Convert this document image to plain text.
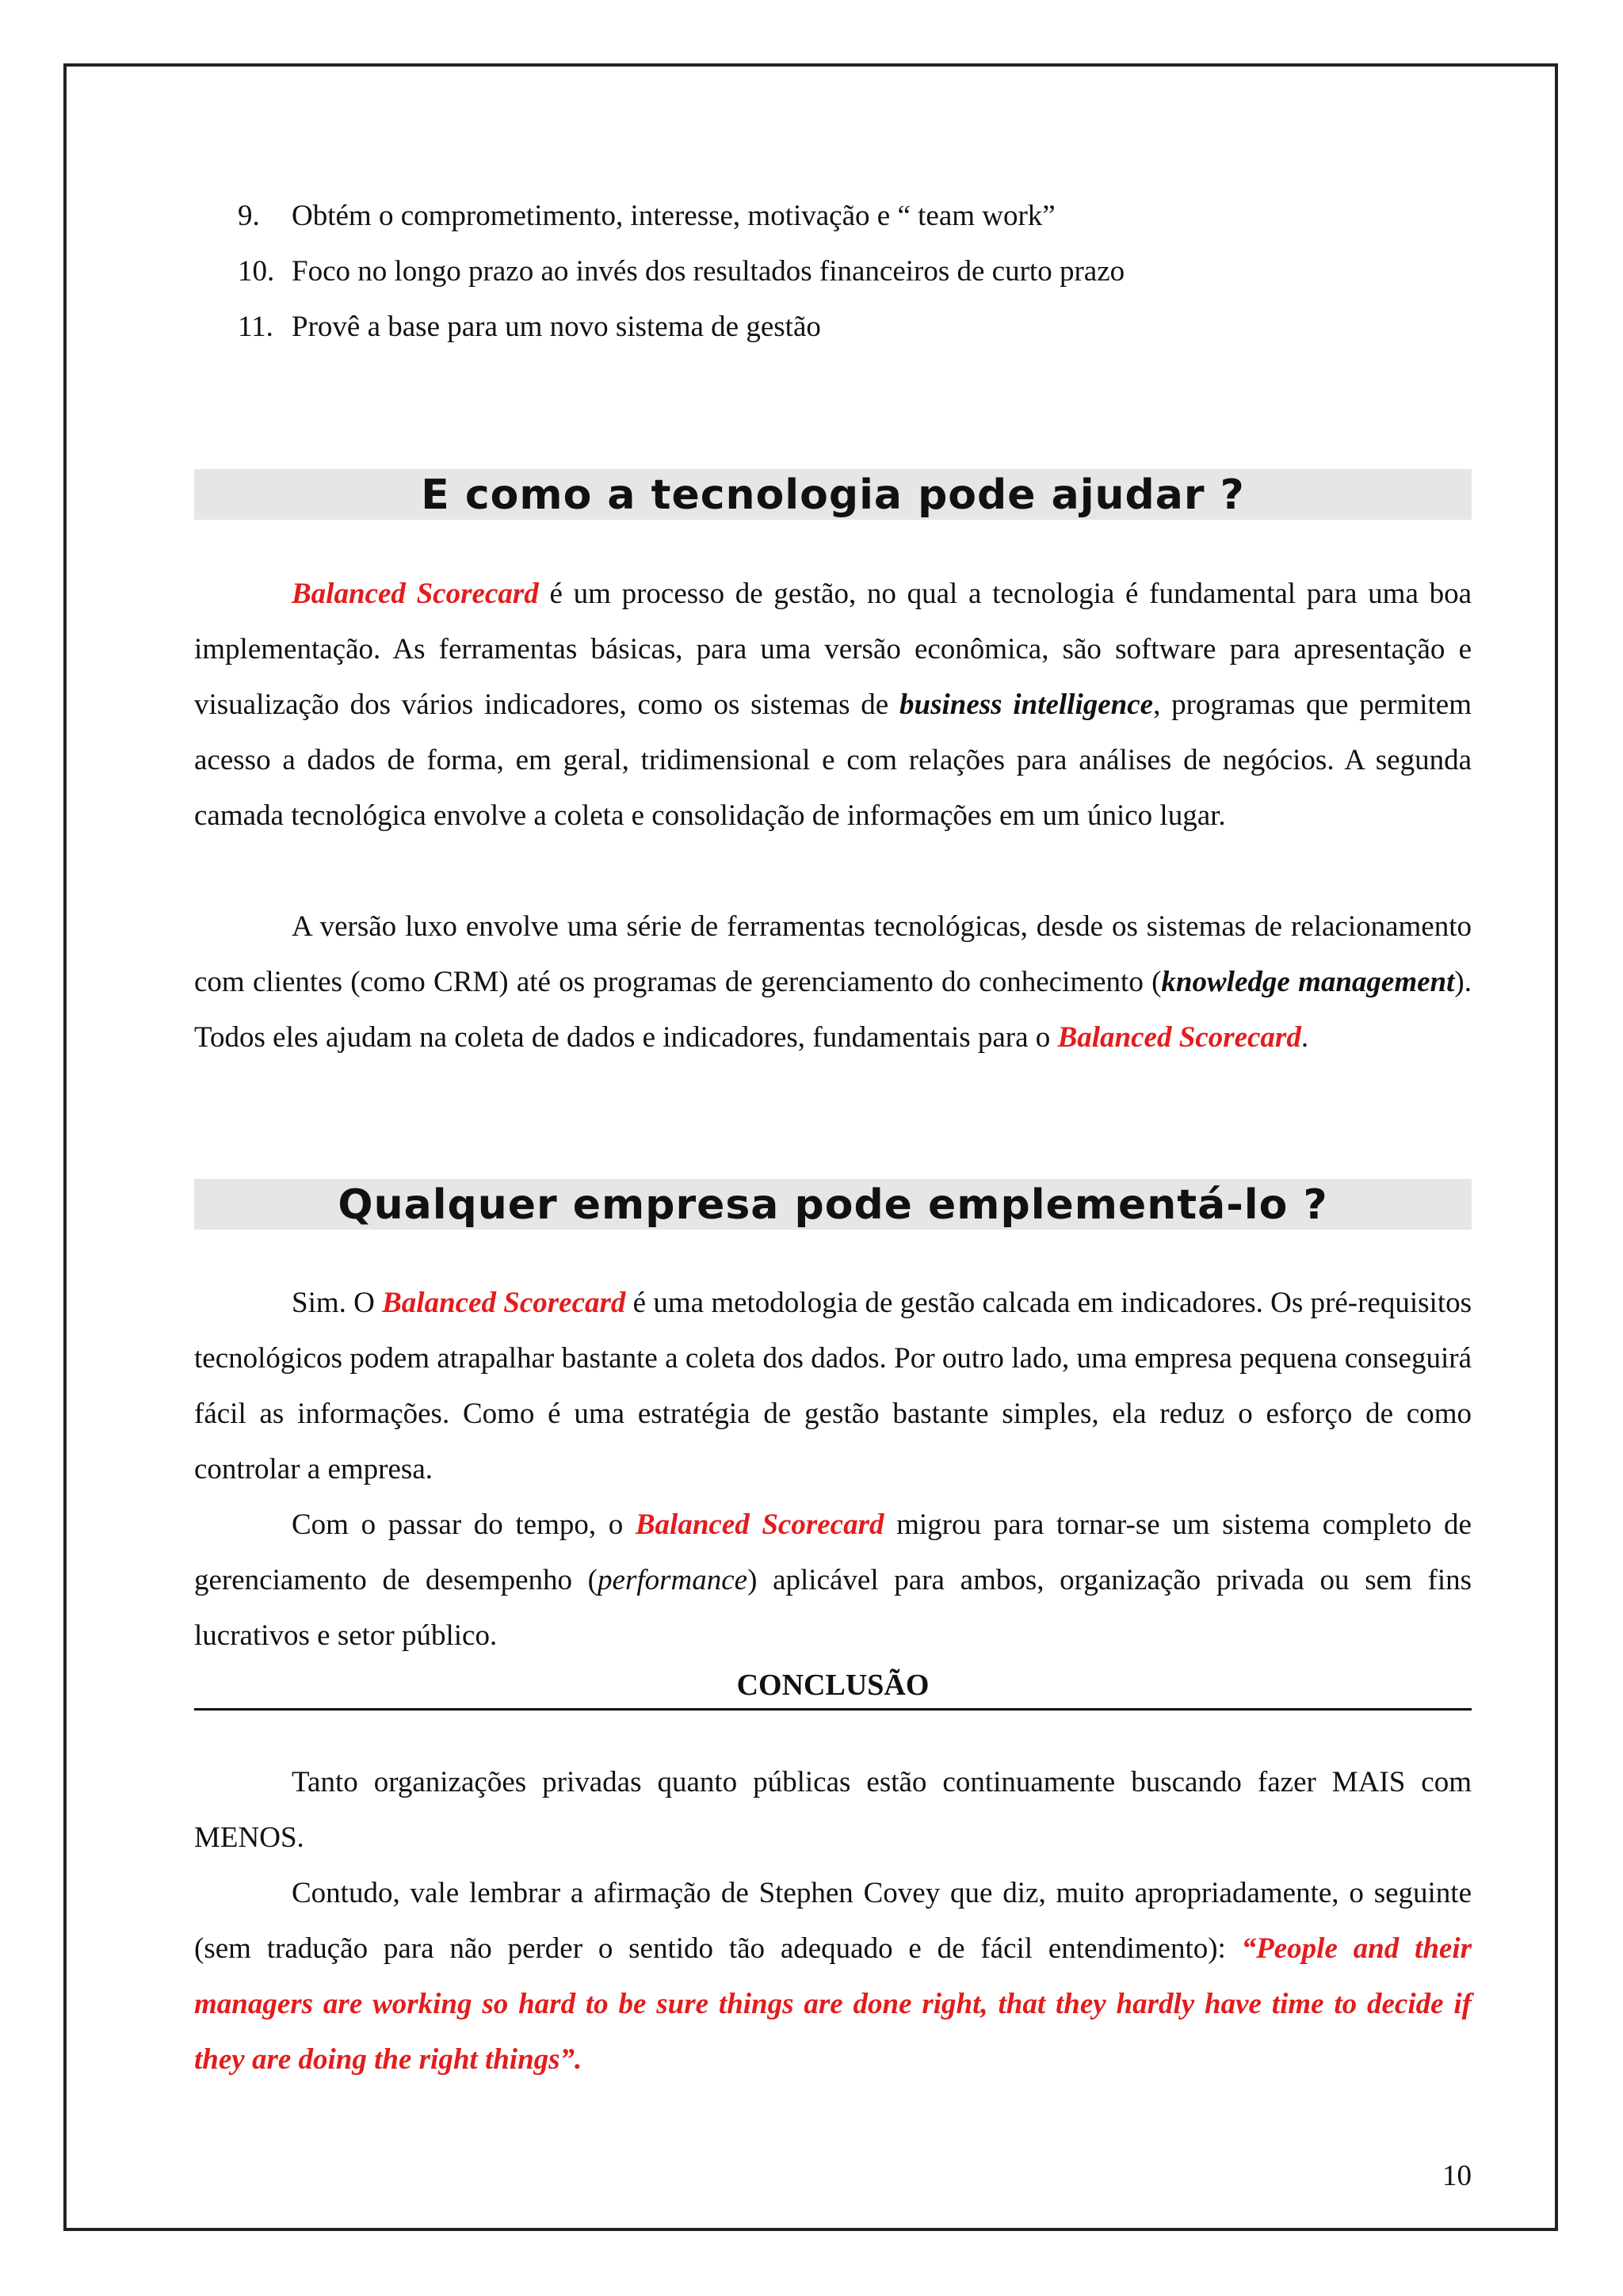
9. Obtém o comprometimento, interesse, motivação e “ team work”
10. Foco no longo prazo ao invés dos resultados financeiros de curto prazo
11. Provê a base para um novo sistema de gestão
E como a tecnologia pode ajudar ?

Balanced Scorecard é um processo de gestão, no qual a tecnologia é fundamental para uma boa implementação. As ferramentas básicas, para uma versão econômica, são software para apresentação e visualização dos vários indicadores, como os sistemas de business intelligence, programas que permitem acesso a dados de forma, em geral, tridimensional e com relações para análises de negócios. A segunda camada tecnológica envolve a coleta e consolidação de informações em um único lugar.

A versão luxo envolve uma série de ferramentas tecnológicas, desde os sistemas de relacionamento com clientes (como CRM) até os programas de gerenciamento do conhecimento (knowledge management). Todos eles ajudam na coleta de dados e indicadores, fundamentais para o Balanced Scorecard.

Qualquer empresa pode emplementá-lo ?

Sim. O Balanced Scorecard é uma metodologia de gestão calcada em indicadores. Os pré-requisitos tecnológicos podem atrapalhar bastante a coleta dos dados. Por outro lado, uma empresa pequena conseguirá fácil as informações. Como é uma estratégia de gestão bastante simples, ela reduz o esforço de como controlar a empresa.

Com o passar do tempo, o Balanced Scorecard migrou para tornar-se um sistema completo de gerenciamento de desempenho (performance) aplicável para ambos, organização privada ou sem fins lucrativos e setor público.

CONCLUSÃO

Tanto organizações privadas quanto públicas estão continuamente buscando fazer MAIS com MENOS.

Contudo, vale lembrar a afirmação de Stephen Covey que diz, muito apropriadamente, o seguinte (sem tradução para não perder o sentido tão adequado e de fácil entendimento): “People and their managers are working so hard to be sure things are done right, that they hardly have time to decide if they are doing the right things”.

10
